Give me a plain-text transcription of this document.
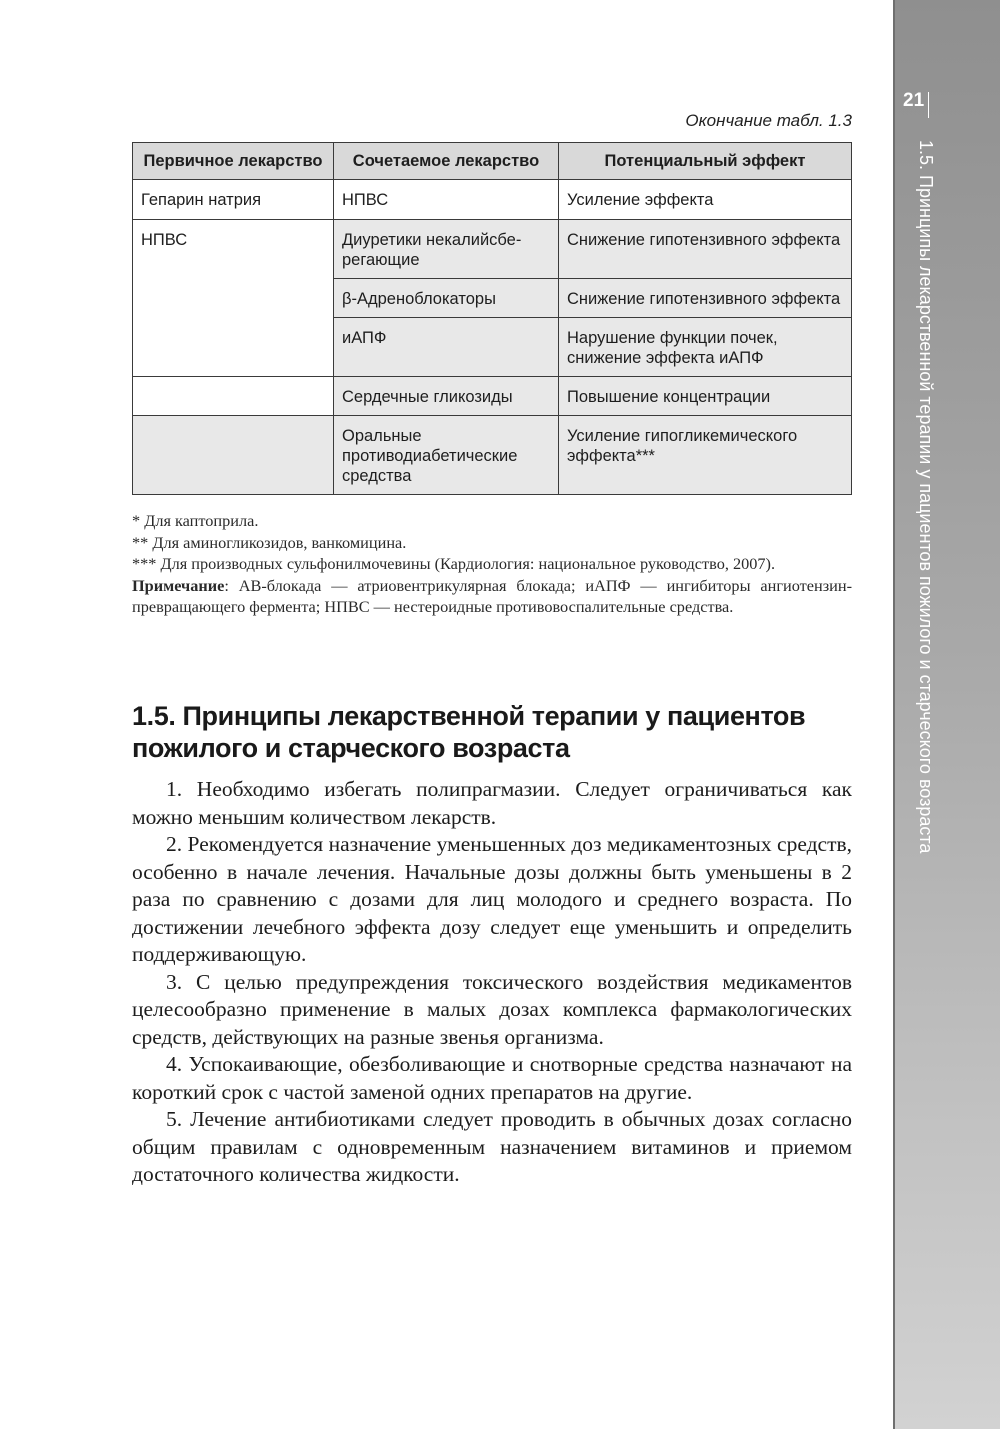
21
1.5. Принципы лекарственной терапии у пациентов пожилого и старческого возраста
Окончание табл. 1.3
Первичное лекарство	Сочетаемое лекарство	Потенциальный эффект
Гепарин натрия	НПВС	Усиление эффекта
НПВС	Диуретики некалийсбе-регающие	Снижение гипотензивного эффекта
	β-Адреноблокаторы	Снижение гипотензивного эффекта
	иАПФ	Нарушение функции почек, снижение эффекта иАПФ
	Сердечные гликозиды	Повышение концентрации
	Оральные противодиабетические средства	Усиление гипогликемического эффекта***

* Для каптоприла.

** Для аминогликозидов, ванкомицина.

*** Для производных сульфонилмочевины (Кардиология: национальное руководство, 2007).

Примечание: АВ-блокада — атриовентрикулярная блокада; иАПФ — ингибиторы ангиотензин-превращающего фермента; НПВС — нестероидные противовоспалительные средства.

1.5. Принципы лекарственной терапии у пациентов пожилого и старческого возраста

1. Необходимо избегать полипрагмазии. Следует ограничиваться как можно меньшим количеством лекарств.

2. Рекомендуется назначение уменьшенных доз медикаментозных средств, особенно в начале лечения. Начальные дозы должны быть уменьшены в 2 раза по сравнению с дозами для лиц молодого и среднего возраста. По достижении лечебного эффекта дозу следует еще уменьшить и определить поддерживающую.

3. С целью предупреждения токсического воздействия медикаментов целесообразно применение в малых дозах комплекса фармакологических средств, действующих на разные звенья организма.

4. Успокаивающие, обезболивающие и снотворные средства назначают на короткий срок с частой заменой одних препаратов на другие.

5. Лечение антибиотиками следует проводить в обычных дозах согласно общим правилам с одновременным назначением витаминов и приемом достаточного количества жидкости.
